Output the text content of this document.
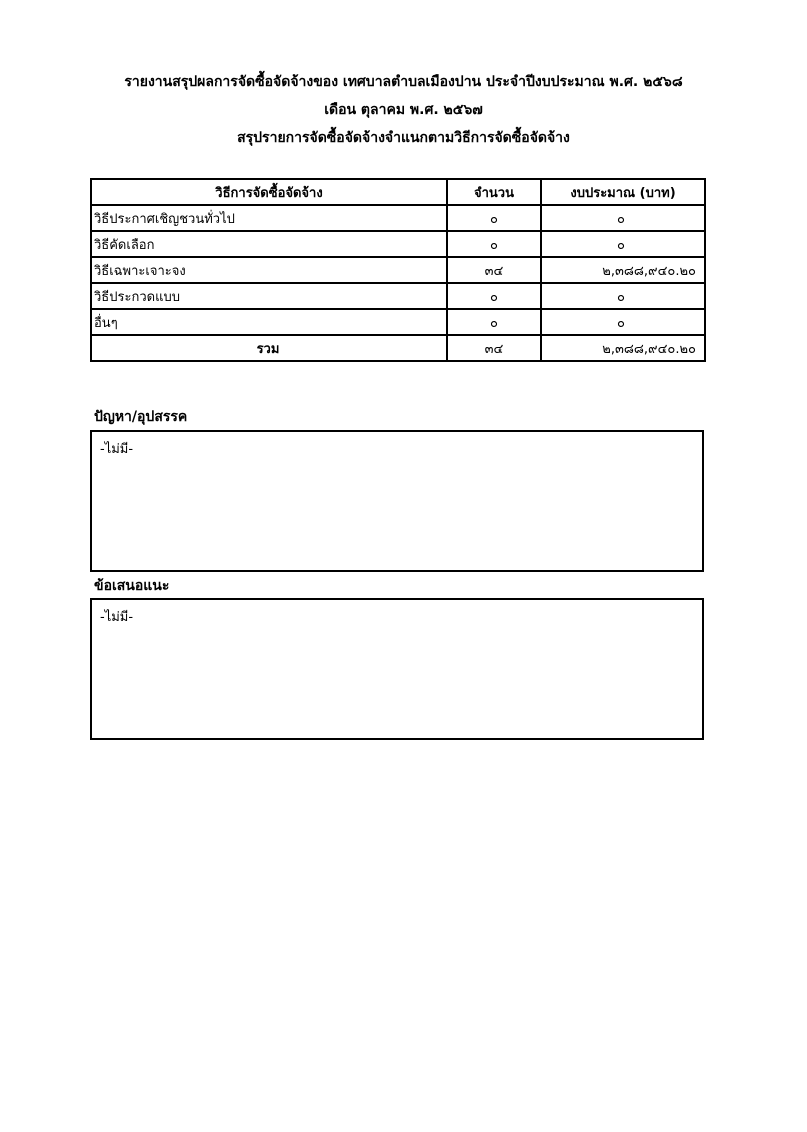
รายงานสรุปผลการจัดซื้อจัดจ้างของ เทศบาลตำบลเมืองปาน ประจำปีงบประมาณ พ.ศ. ๒๕๖๘
เดือน ตุลาคม พ.ศ. ๒๕๖๗
สรุปรายการจัดซื้อจัดจ้างจำแนกตามวิธีการจัดซื้อจัดจ้าง
วิธีการจัดซื้อจัดจ้าง	จำนวน	งบประมาณ (บาท)
วิธีประกาศเชิญชวนทั่วไป	๐	๐
วิธีคัดเลือก	๐	๐
วิธีเฉพาะเจาะจง	๓๔	๒,๓๘๘,๙๔๐.๒๐
วิธีประกวดแบบ	๐	๐
อื่นๆ	๐	๐
รวม	๓๔	๒,๓๘๘,๙๔๐.๒๐
ปัญหา/อุปสรรค
-ไม่มี-
ข้อเสนอแนะ
-ไม่มี-
